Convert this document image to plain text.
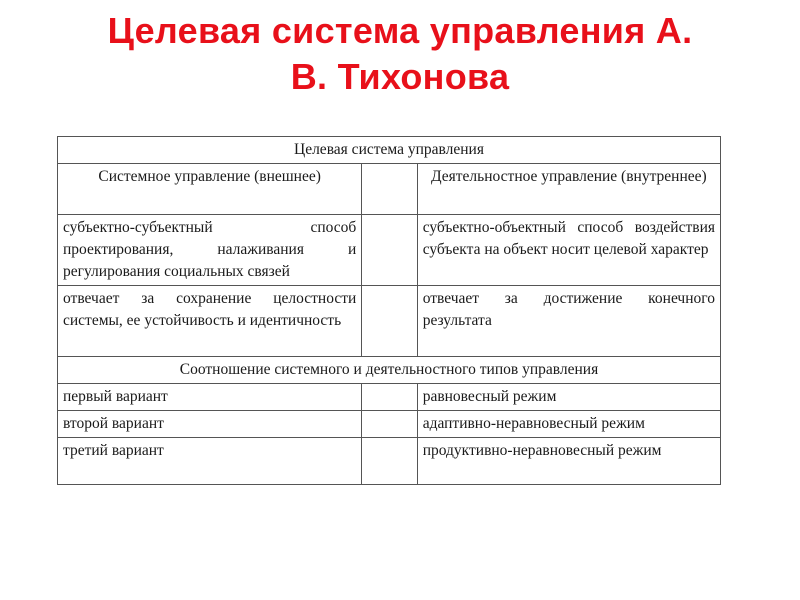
Целевая система управления А.
В. Тихонова
Целевая система управления		
Системное управление (внешнее)		Деятельностное управление (внутреннее)
субъектно-субъектный способ проектирования, налаживания и регулирования социальных связей		субъектно-объектный способ воздействия субъекта на объект носит целевой характер
отвечает за сохранение целостности системы, ее устойчивость и идентичность		отвечает за достижение конечного результата
Соотношение системного и деятельностного типов управления		
первый вариант		равновесный режим
второй вариант		адаптивно-неравновесный режим
третий вариант		продуктивно-неравновесный режим
